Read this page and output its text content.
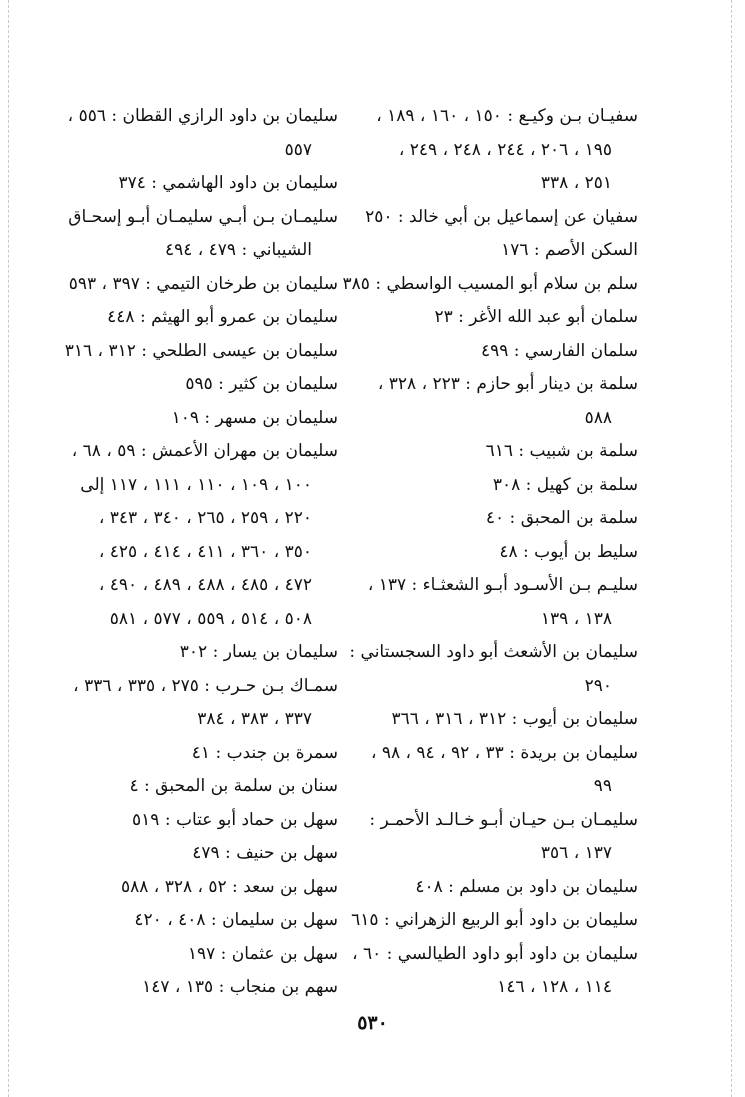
سفيـان بـن وكيـع : ١٥٠ ، ١٦٠ ، ١٨٩ ،
١٩٥ ، ٢٠٦ ، ٢٤٤ ، ٢٤٨ ، ٢٤٩ ،
٢٥١ ، ٣٣٨
سفيان عن إسماعيل بن أبي خالد : ٢٥٠
السكن الأصم : ١٧٦
سلم بن سلام أبو المسيب الواسطي : ٣٨٥
سلمان أبو عبد الله الأغر : ٢٣
سلمان الفارسي : ٤٩٩
سلمة بن دينار أبو حازم : ٢٢٣ ، ٣٢٨ ،
٥٨٨
سلمة بن شبيب : ٦١٦
سلمة بن كهيل : ٣٠٨
سلمة بن المحبق : ٤٠
سليط بن أيوب : ٤٨
سليـم بـن الأسـود أبـو الشعثـاء : ١٣٧ ،
١٣٨ ، ١٣٩
سليمان بن الأشعث أبو داود السجستاني :
٢٩٠
سليمان بن أيوب : ٣١٢ ، ٣١٦ ، ٣٦٦
سليمان بن بريدة : ٣٣ ، ٩٢ ، ٩٤ ، ٩٨ ،
٩٩
سليمـان بـن حيـان أبـو خـالـد الأحمـر :
١٣٧ ، ٣٥٦
سليمان بن داود بن مسلم : ٤٠٨
سليمان بن داود أبو الربيع الزهراني : ٦١٥
سليمان بن داود أبو داود الطيالسي : ٦٠ ،
١١٤ ، ١٢٨ ، ١٤٦
سليمان بن داود الرازي القطان : ٥٥٦ ،
٥٥٧
سليمان بن داود الهاشمي : ٣٧٤
سليمـان بـن أبـي سليمـان أبـو إسحـاق
الشيباني : ٤٧٩ ، ٤٩٤
سليمان بن طرخان التيمي : ٣٩٧ ، ٥٩٣
سليمان بن عمرو أبو الهيثم : ٤٤٨
سليمان بن عيسى الطلحي : ٣١٢ ، ٣١٦
سليمان بن كثير : ٥٩٥
سليمان بن مسهر : ١٠٩
سليمان بن مهران الأعمش : ٥٩ ، ٦٨ ،
١٠٠ ، ١٠٩ ، ١١٠ ، ١١١ ، ١١٧ إلى
٢٢٠ ، ٢٥٩ ، ٢٦٥ ، ٣٤٠ ، ٣٤٣ ،
٣٥٠ ، ٣٦٠ ، ٤١١ ، ٤١٤ ، ٤٢٥ ،
٤٧٢ ، ٤٨٥ ، ٤٨٨ ، ٤٨٩ ، ٤٩٠ ،
٥٠٨ ، ٥١٤ ، ٥٥٩ ، ٥٧٧ ، ٥٨١
سليمان بن يسار : ٣٠٢
سمـاك بـن حـرب : ٢٧٥ ، ٣٣٥ ، ٣٣٦ ،
٣٣٧ ، ٣٨٣ ، ٣٨٤
سمرة بن جندب : ٤١
سنان بن سلمة بن المحبق : ٤
سهل بن حماد أبو عتاب : ٥١٩
سهل بن حنيف : ٤٧٩
سهل بن سعد : ٥٢ ، ٣٢٨ ، ٥٨٨
سهل بن سليمان : ٤٠٨ ، ٤٢٠
سهل بن عثمان : ١٩٧
سهم بن منجاب : ١٣٥ ، ١٤٧
٥٣٠
